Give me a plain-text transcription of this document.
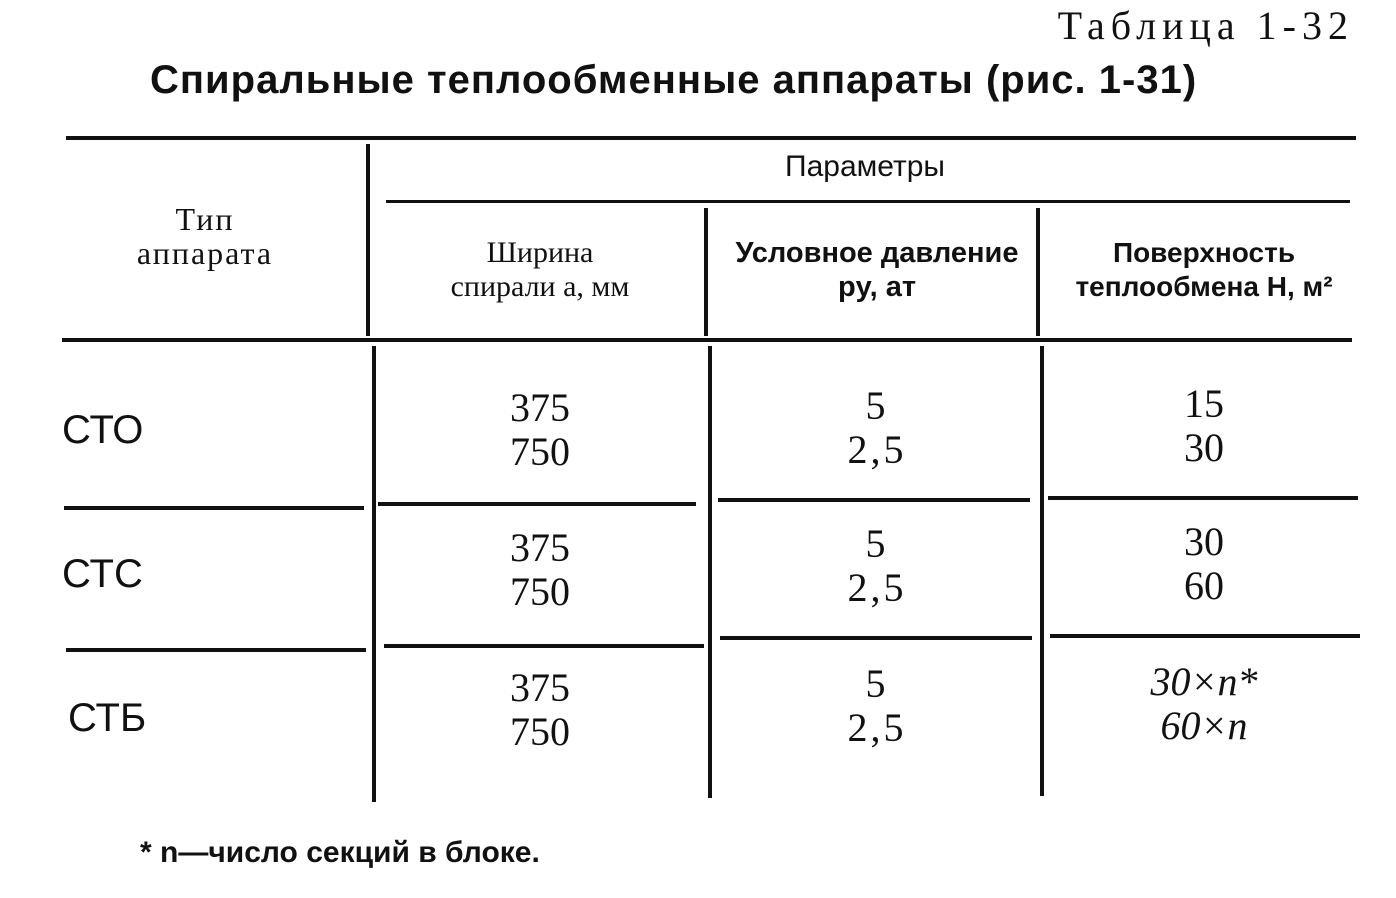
Таблица 1-32
Спиральные теплообменные аппараты (рис. 1-31)
Тип
аппарата
Параметры
Ширина
спирали a, мм
Условное давление
pу, ат
Поверхность
теплообмена H, м²
СТО	375
750
5
2,5
15
30
СТС
375
750
5
2,5
30
60
СТБ
375
750
5
2,5
30×n*
60×n
* n—число секций в блоке.
